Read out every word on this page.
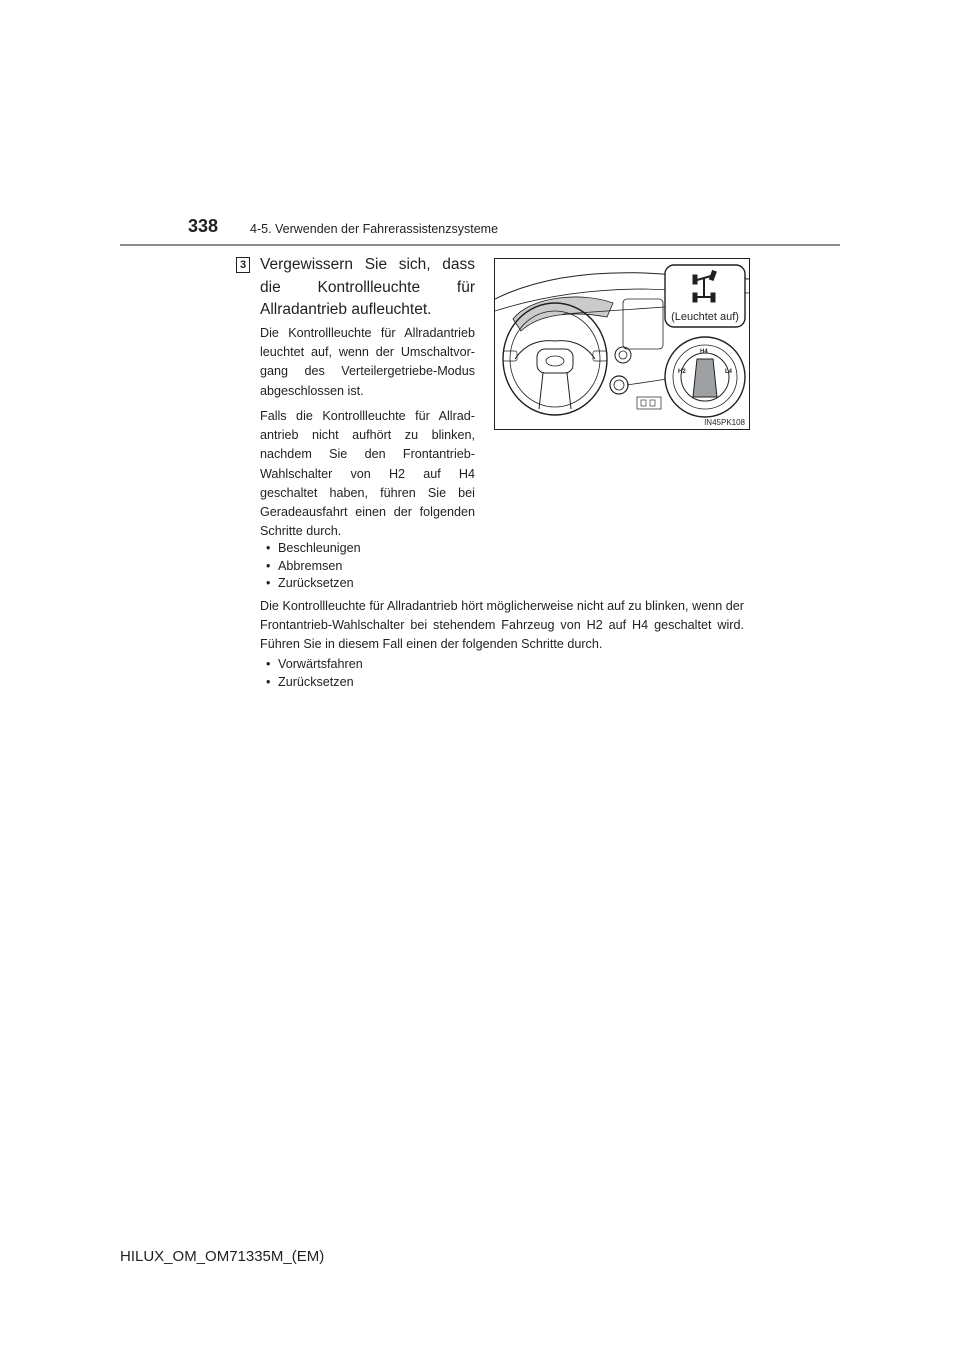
338	4-5. Verwenden der Fahrerassistenzsysteme
3 Vergewissern Sie sich, dass die Kontrollleuchte für Allradantrieb aufleuchtet.
Die Kontrollleuchte für Allradantrieb leuchtet auf, wenn der Umschaltvor-gang des Verteilergetriebe-Modus abgeschlossen ist.
Falls die Kontrollleuchte für Allrad-antrieb nicht aufhört zu blinken, nachdem Sie den Frontantrieb-Wahlschalter von H2 auf H4 geschaltet haben, führen Sie bei Geradeausfahrt einen der folgenden Schritte durch.
• Beschleunigen
• Abbremsen
• Zurücksetzen
Die Kontrollleuchte für Allradantrieb hört möglicherweise nicht auf zu blinken, wenn der Frontantrieb-Wahlschalter bei stehendem Fahrzeug von H2 auf H4 geschaltet wird. Führen Sie in diesem Fall einen der folgenden Schritte durch.
• Vorwärtsfahren
• Zurücksetzen
(Leuchtet auf)
H2
H4
L4
IN45PK108
HILUX_OM_OM71335M_(EM)
